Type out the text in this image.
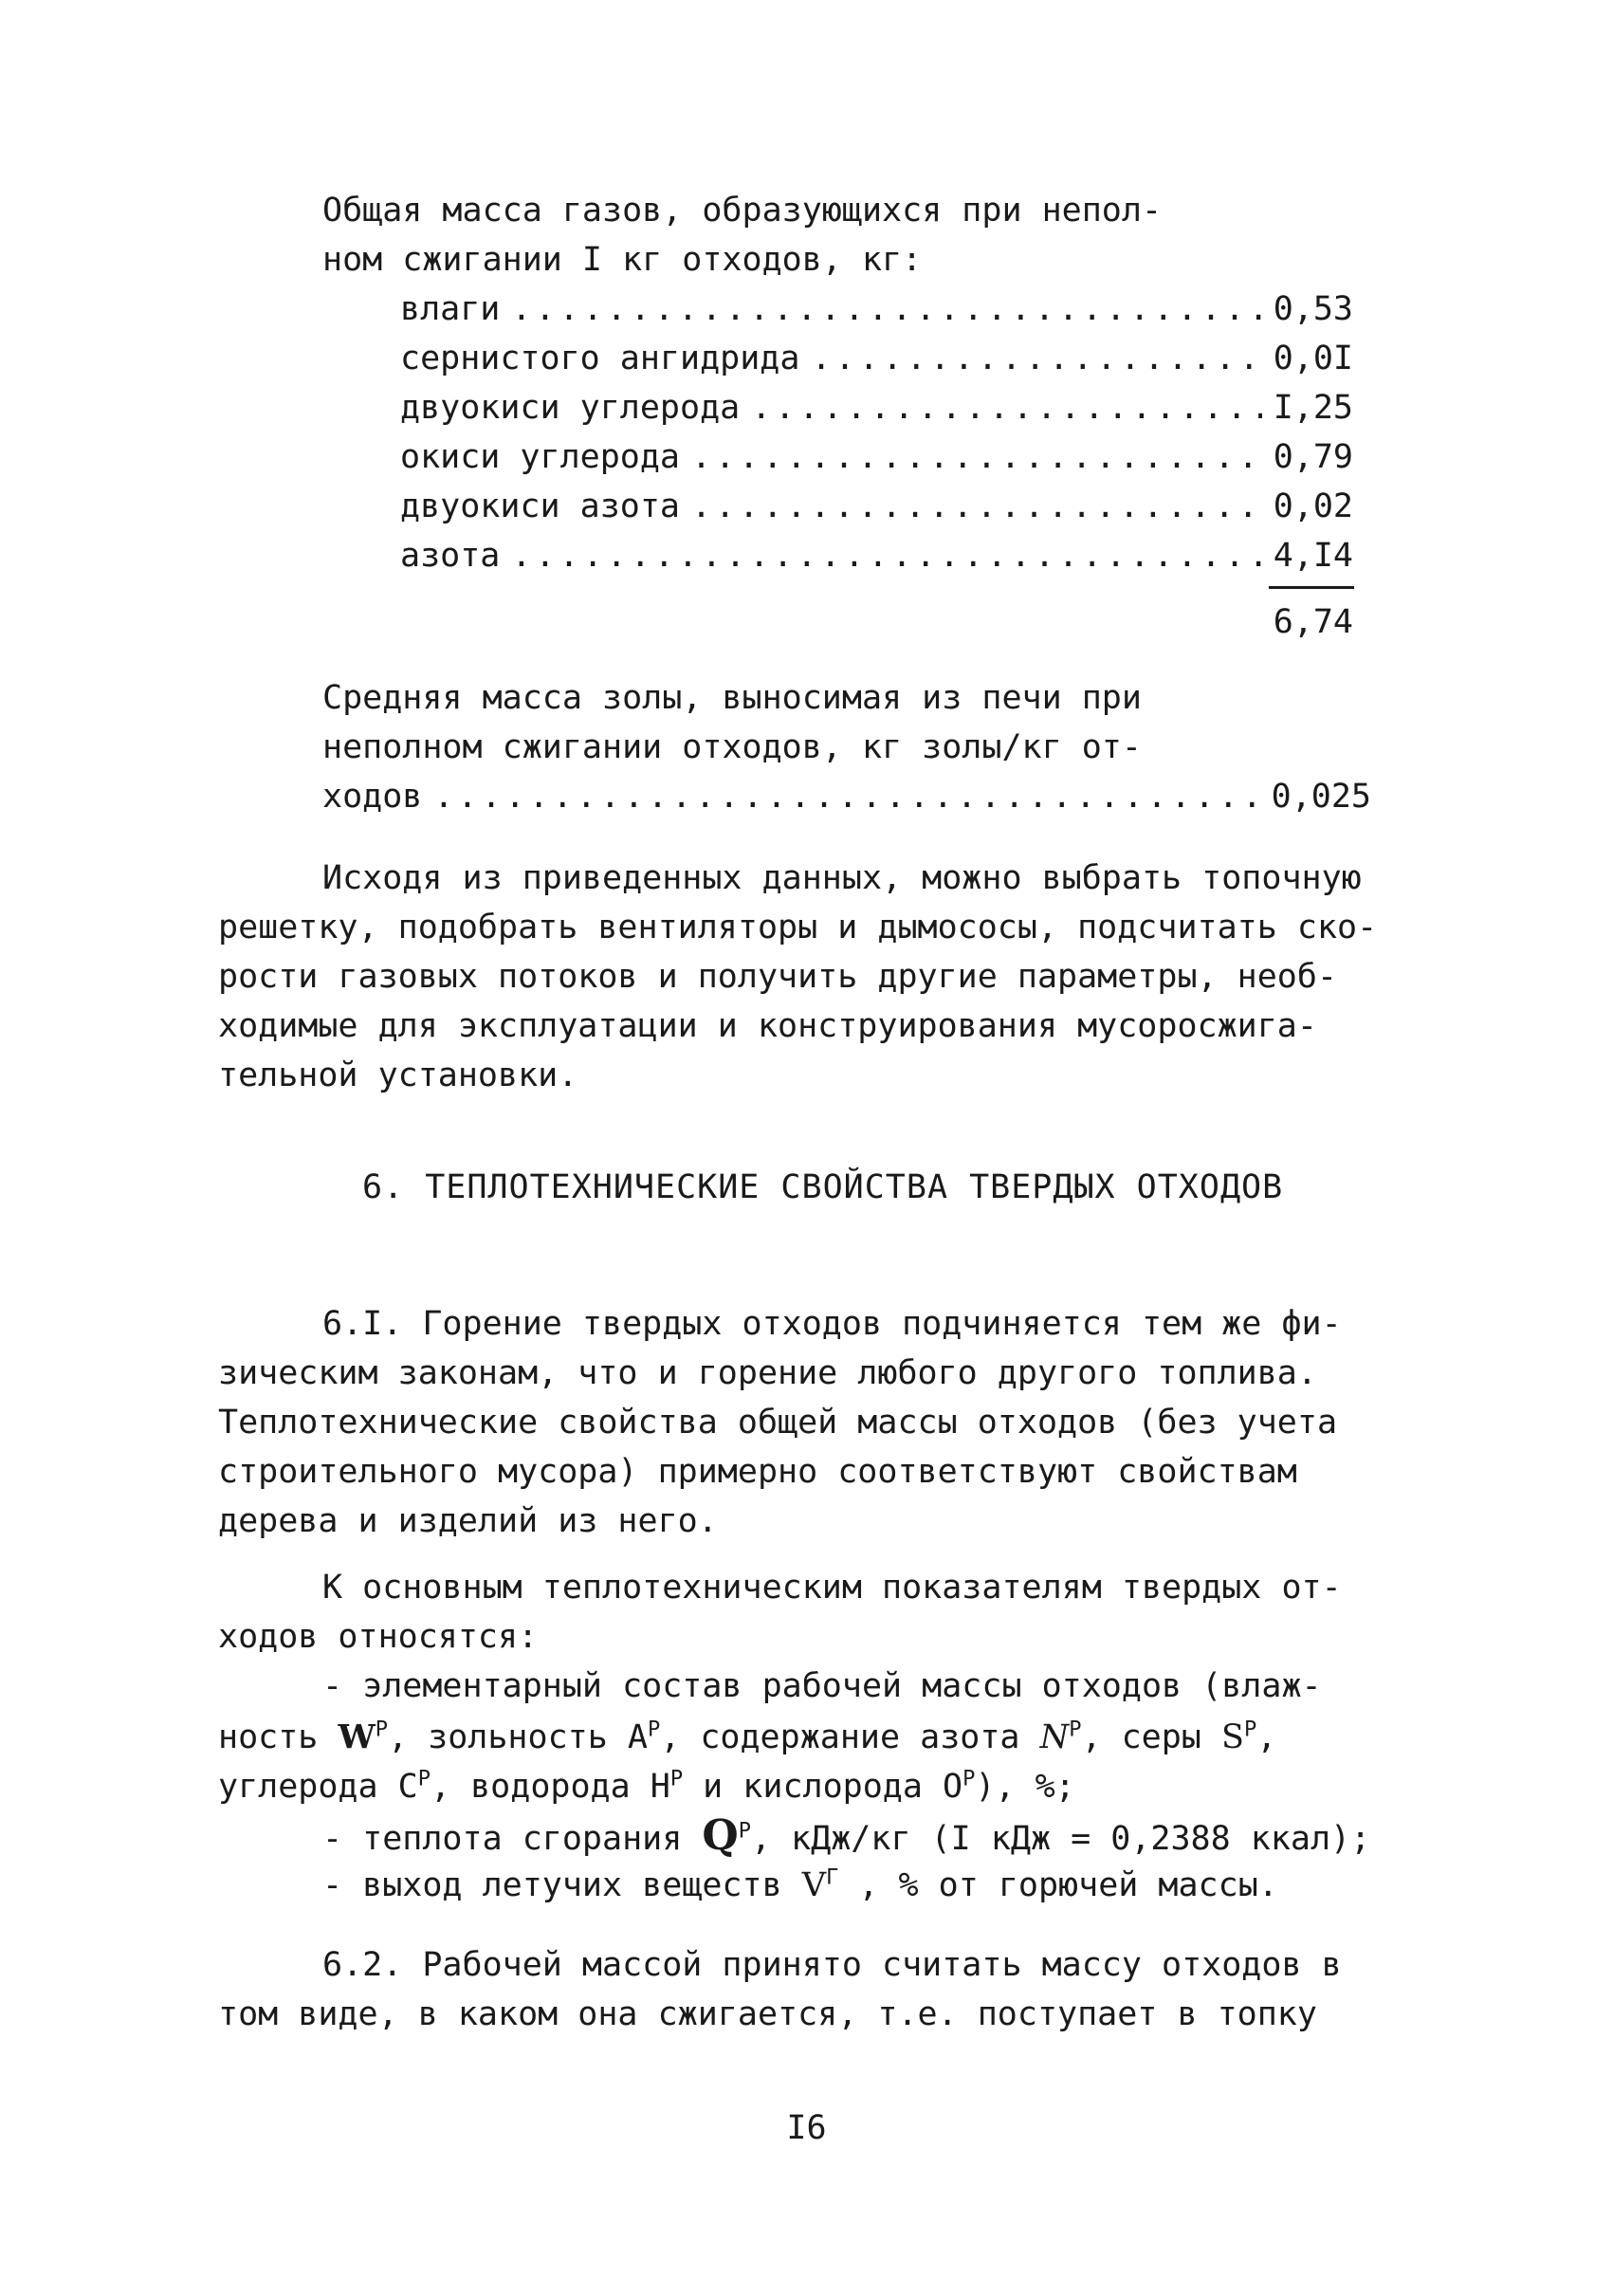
Общая масса газов, образующихся при непол-
ном сжигании I кг отходов, кг:
влаги .....	0,53
сернистого ангидрида .....	0,0I
двуокиси углерода .....	I,25
окиси углерода .....	0,79
двуокиси азота .....	0,02
азота .....	4,I4
6,74
Средняя масса золы, выносимая из печи при
неполном сжигании отходов, кг золы/кг от-
ходов .....	0,025
Исходя из приведенных данных, можно выбрать топочную
решетку, подобрать вентиляторы и дымососы, подсчитать ско-
рости газовых потоков и получить другие параметры, необ-
ходимые для эксплуатации и конструирования мусоросжига-
тельной установки.
6. ТЕПЛОТЕХНИЧЕСКИЕ СВОЙСТВА ТВЕРДЫХ ОТХОДОВ
6.I. Горение твердых отходов подчиняется тем же фи-
зическим законам, что и горение любого другого топлива.
Теплотехнические свойства общей массы отходов (без учета
строительного мусора) примерно соответствуют свойствам
дерева и изделий из него.
К основным теплотехническим показателям твердых от-
ходов относятся:
- элементарный состав рабочей массы отходов (влаж-
ность $W^P$, зольность $A^P$, содержание азота $N^P$, серы $S^P$,
углерода $C^P$, водорода $H^P$ и кислорода $O^P$), %;
- теплота сгорания $Q^P$, кДж/кг (I кДж = 0,2388 ккал);
- выход летучих веществ $V^Г$ , % от горючей массы.
6.2. Рабочей массой принято считать массу отходов в
том виде, в каком она сжигается, т.е. поступает в топку
I6
